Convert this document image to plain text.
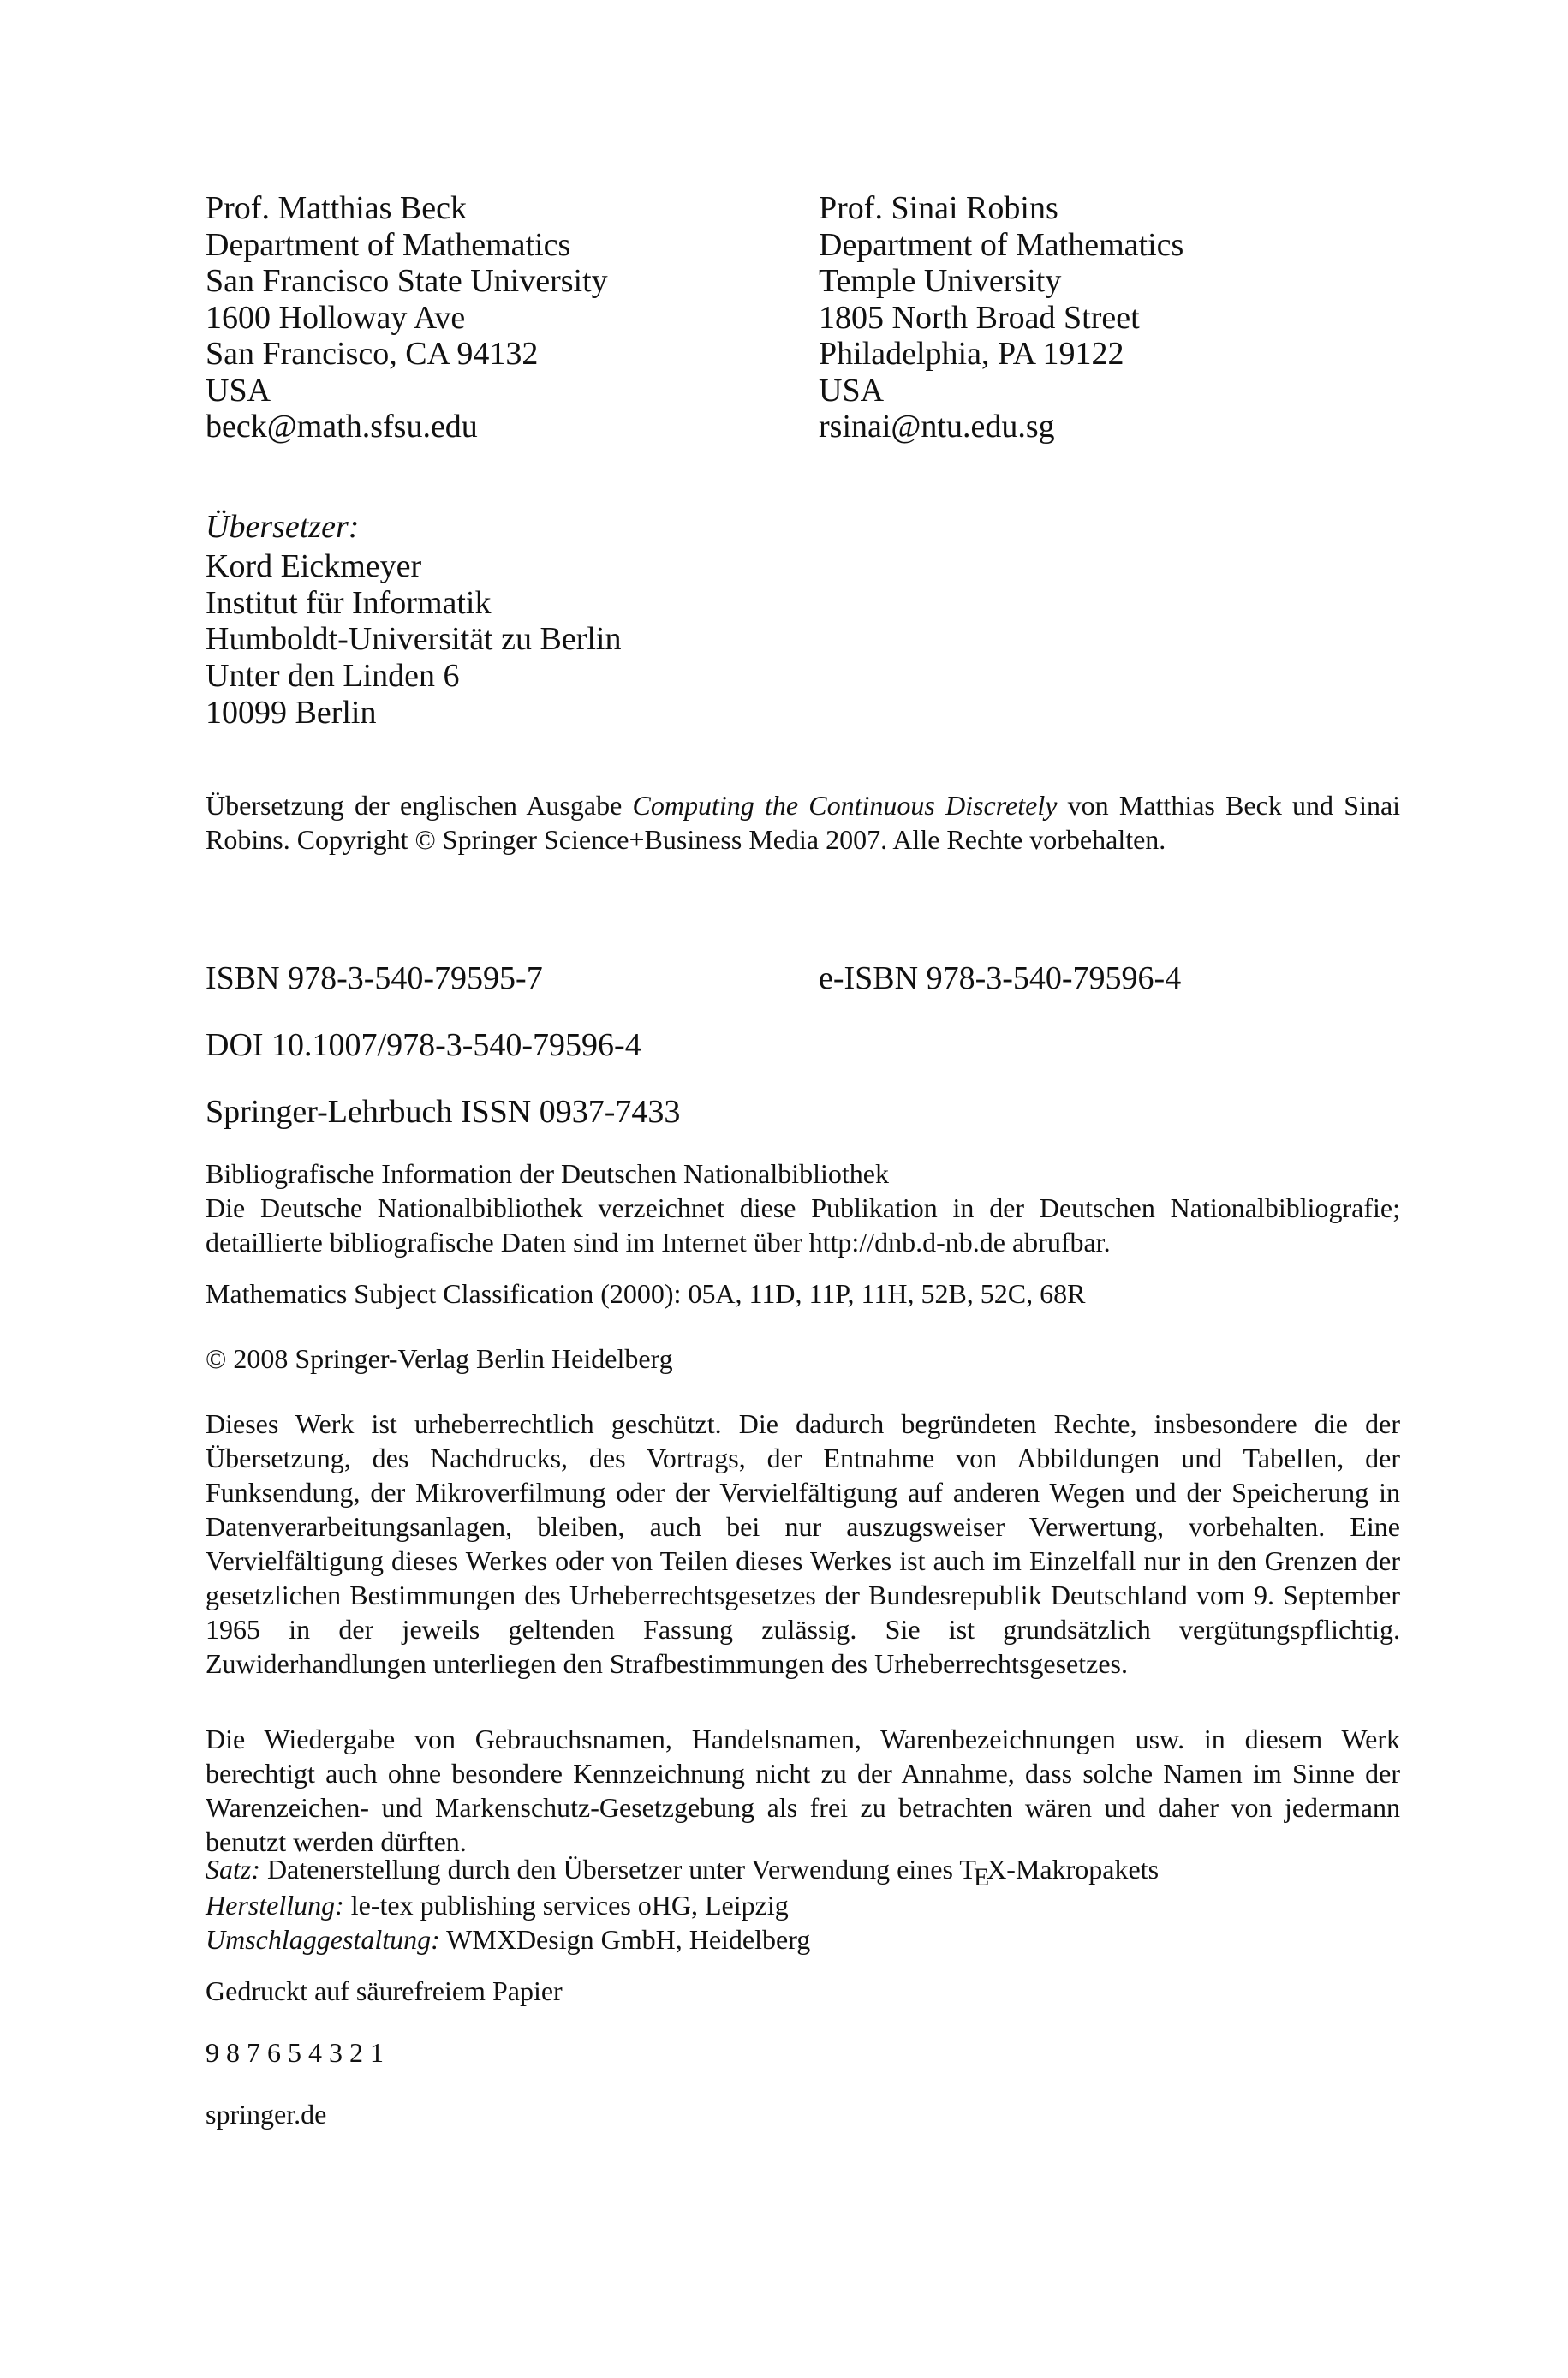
Prof. Matthias Beck
Department of Mathematics
San Francisco State University
1600 Holloway Ave
San Francisco, CA 94132
USA
beck@math.sfsu.edu
Prof. Sinai Robins
Department of Mathematics
Temple University
1805 North Broad Street
Philadelphia, PA 19122
USA
rsinai@ntu.edu.sg
Übersetzer:
Kord Eickmeyer
Institut für Informatik
Humboldt-Universität zu Berlin
Unter den Linden 6
10099 Berlin
Übersetzung der englischen Ausgabe Computing the Continuous Discretely von Matthias Beck und Sinai Robins. Copyright © Springer Science+Business Media 2007. Alle Rechte vorbehalten.
ISBN 978-3-540-79595-7	e-ISBN 978-3-540-79596-4
DOI 10.1007/978-3-540-79596-4
Springer-Lehrbuch ISSN 0937-7433
Bibliografische Information der Deutschen Nationalbibliothek
Die Deutsche Nationalbibliothek verzeichnet diese Publikation in der Deutschen Nationalbibliografie; detaillierte bibliografische Daten sind im Internet über http://dnb.d-nb.de abrufbar.
Mathematics Subject Classification (2000): 05A, 11D, 11P, 11H, 52B, 52C, 68R
© 2008 Springer-Verlag Berlin Heidelberg
Dieses Werk ist urheberrechtlich geschützt. Die dadurch begründeten Rechte, insbesondere die der Übersetzung, des Nachdrucks, des Vortrags, der Entnahme von Abbildungen und Tabellen, der Funksendung, der Mikroverfilmung oder der Vervielfältigung auf anderen Wegen und der Speicherung in Datenverarbeitungsanlagen, bleiben, auch bei nur auszugsweiser Verwertung, vorbehalten. Eine Vervielfältigung dieses Werkes oder von Teilen dieses Werkes ist auch im Einzelfall nur in den Grenzen der gesetzlichen Bestimmungen des Urheberrechtsgesetzes der Bundesrepublik Deutschland vom 9. September 1965 in der jeweils geltenden Fassung zulässig. Sie ist grundsätzlich vergütungspflichtig. Zuwiderhandlungen unterliegen den Strafbestimmungen des Urheberrechtsgesetzes.
Die Wiedergabe von Gebrauchsnamen, Handelsnamen, Warenbezeichnungen usw. in diesem Werk berechtigt auch ohne besondere Kennzeichnung nicht zu der Annahme, dass solche Namen im Sinne der Warenzeichen- und Markenschutz-Gesetzgebung als frei zu betrachten wären und daher von jedermann benutzt werden dürften.
Satz: Datenerstellung durch den Übersetzer unter Verwendung eines TEX-Makropakets
Herstellung: le-tex publishing services oHG, Leipzig
Umschlaggestaltung: WMXDesign GmbH, Heidelberg
Gedruckt auf säurefreiem Papier
9 8 7 6 5 4 3 2 1
springer.de
